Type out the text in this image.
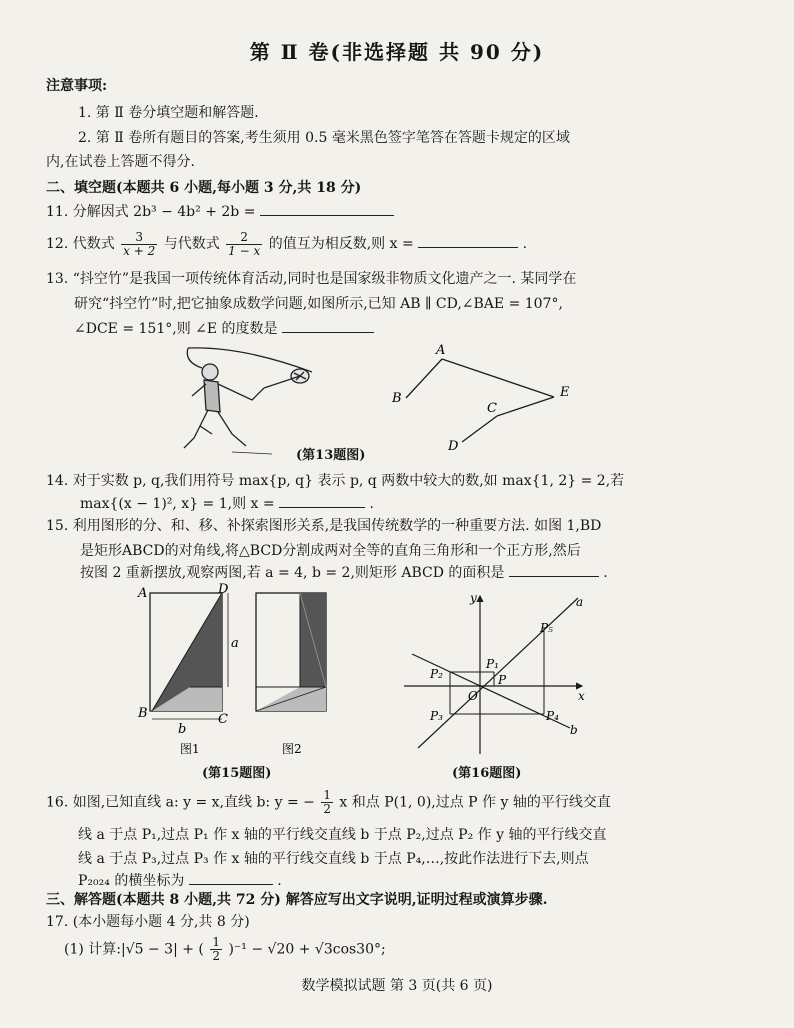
第 Ⅱ 卷(非选择题 共 90 分)
注意事项:
1. 第 Ⅱ 卷分填空题和解答题.
2. 第 Ⅱ 卷所有题目的答案,考生须用 0.5 毫米黑色签字笔答在答题卡规定的区域
内,在试卷上答题不得分.
二、填空题(本题共 6 小题,每小题 3 分,共 18 分)
11. 分解因式 2b³ − 4b² + 2b =
12. 代数式 $\frac{3}{x + 2}$ 与代数式 $\frac{2}{1 - x}$ 的值互为相反数,则 x =	.
13. “抖空竹”是我国一项传统体育活动,同时也是国家级非物质文化遗产之一. 某同学在
研究“抖空竹”时,把它抽象成数学问题,如图所示,已知 AB ∥ CD,∠BAE = 107°,
∠DCE = 151°,则 ∠E 的度数是
A
B
C
D
E
(第13题图)
14. 对于实数 p, q,我们用符号 max{p, q} 表示 p, q 两数中较大的数,如 max{1, 2} = 2,若
max{(x − 1)², x} = 1,则 x =	.
15. 利用图形的分、和、移、补探索图形关系,是我国传统数学的一种重要方法. 如图 1,BD
是矩形ABCD的对角线,将△BCD分割成两对全等的直角三角形和一个正方形,然后
按图 2 重新摆放,观察两图,若 a = 4, b = 2,则矩形 ABCD 的面积是	.
A	D
B	C
a
b
图1	图2
(第15题图)
y
x
O
P
P₁
P₂
P₃	P₄
P₅
a
b
(第16题图)
16. 如图,已知直线 a: y = x,直线 b: y = − $\frac{1}{2}$ x 和点 P(1, 0),过点 P 作 y 轴的平行线交直
线 a 于点 P₁,过点 P₁ 作 x 轴的平行线交直线 b 于点 P₂,过点 P₂ 作 y 轴的平行线交直
线 a 于点 P₃,过点 P₃ 作 x 轴的平行线交直线 b 于点 P₄,…,按此作法进行下去,则点
P₂₀₂₄ 的横坐标为	.
三、解答题(本题共 8 小题,共 72 分) 解答应写出文字说明,证明过程或演算步骤.
17. (本小题每小题 4 分,共 8 分)
(1) 计算:|√5 − 3| + ( $\frac{1}{2} )^{-1} - √20 + √3\cos 30^\circ$;
数学模拟试题 第 3 页(共 6 页)
